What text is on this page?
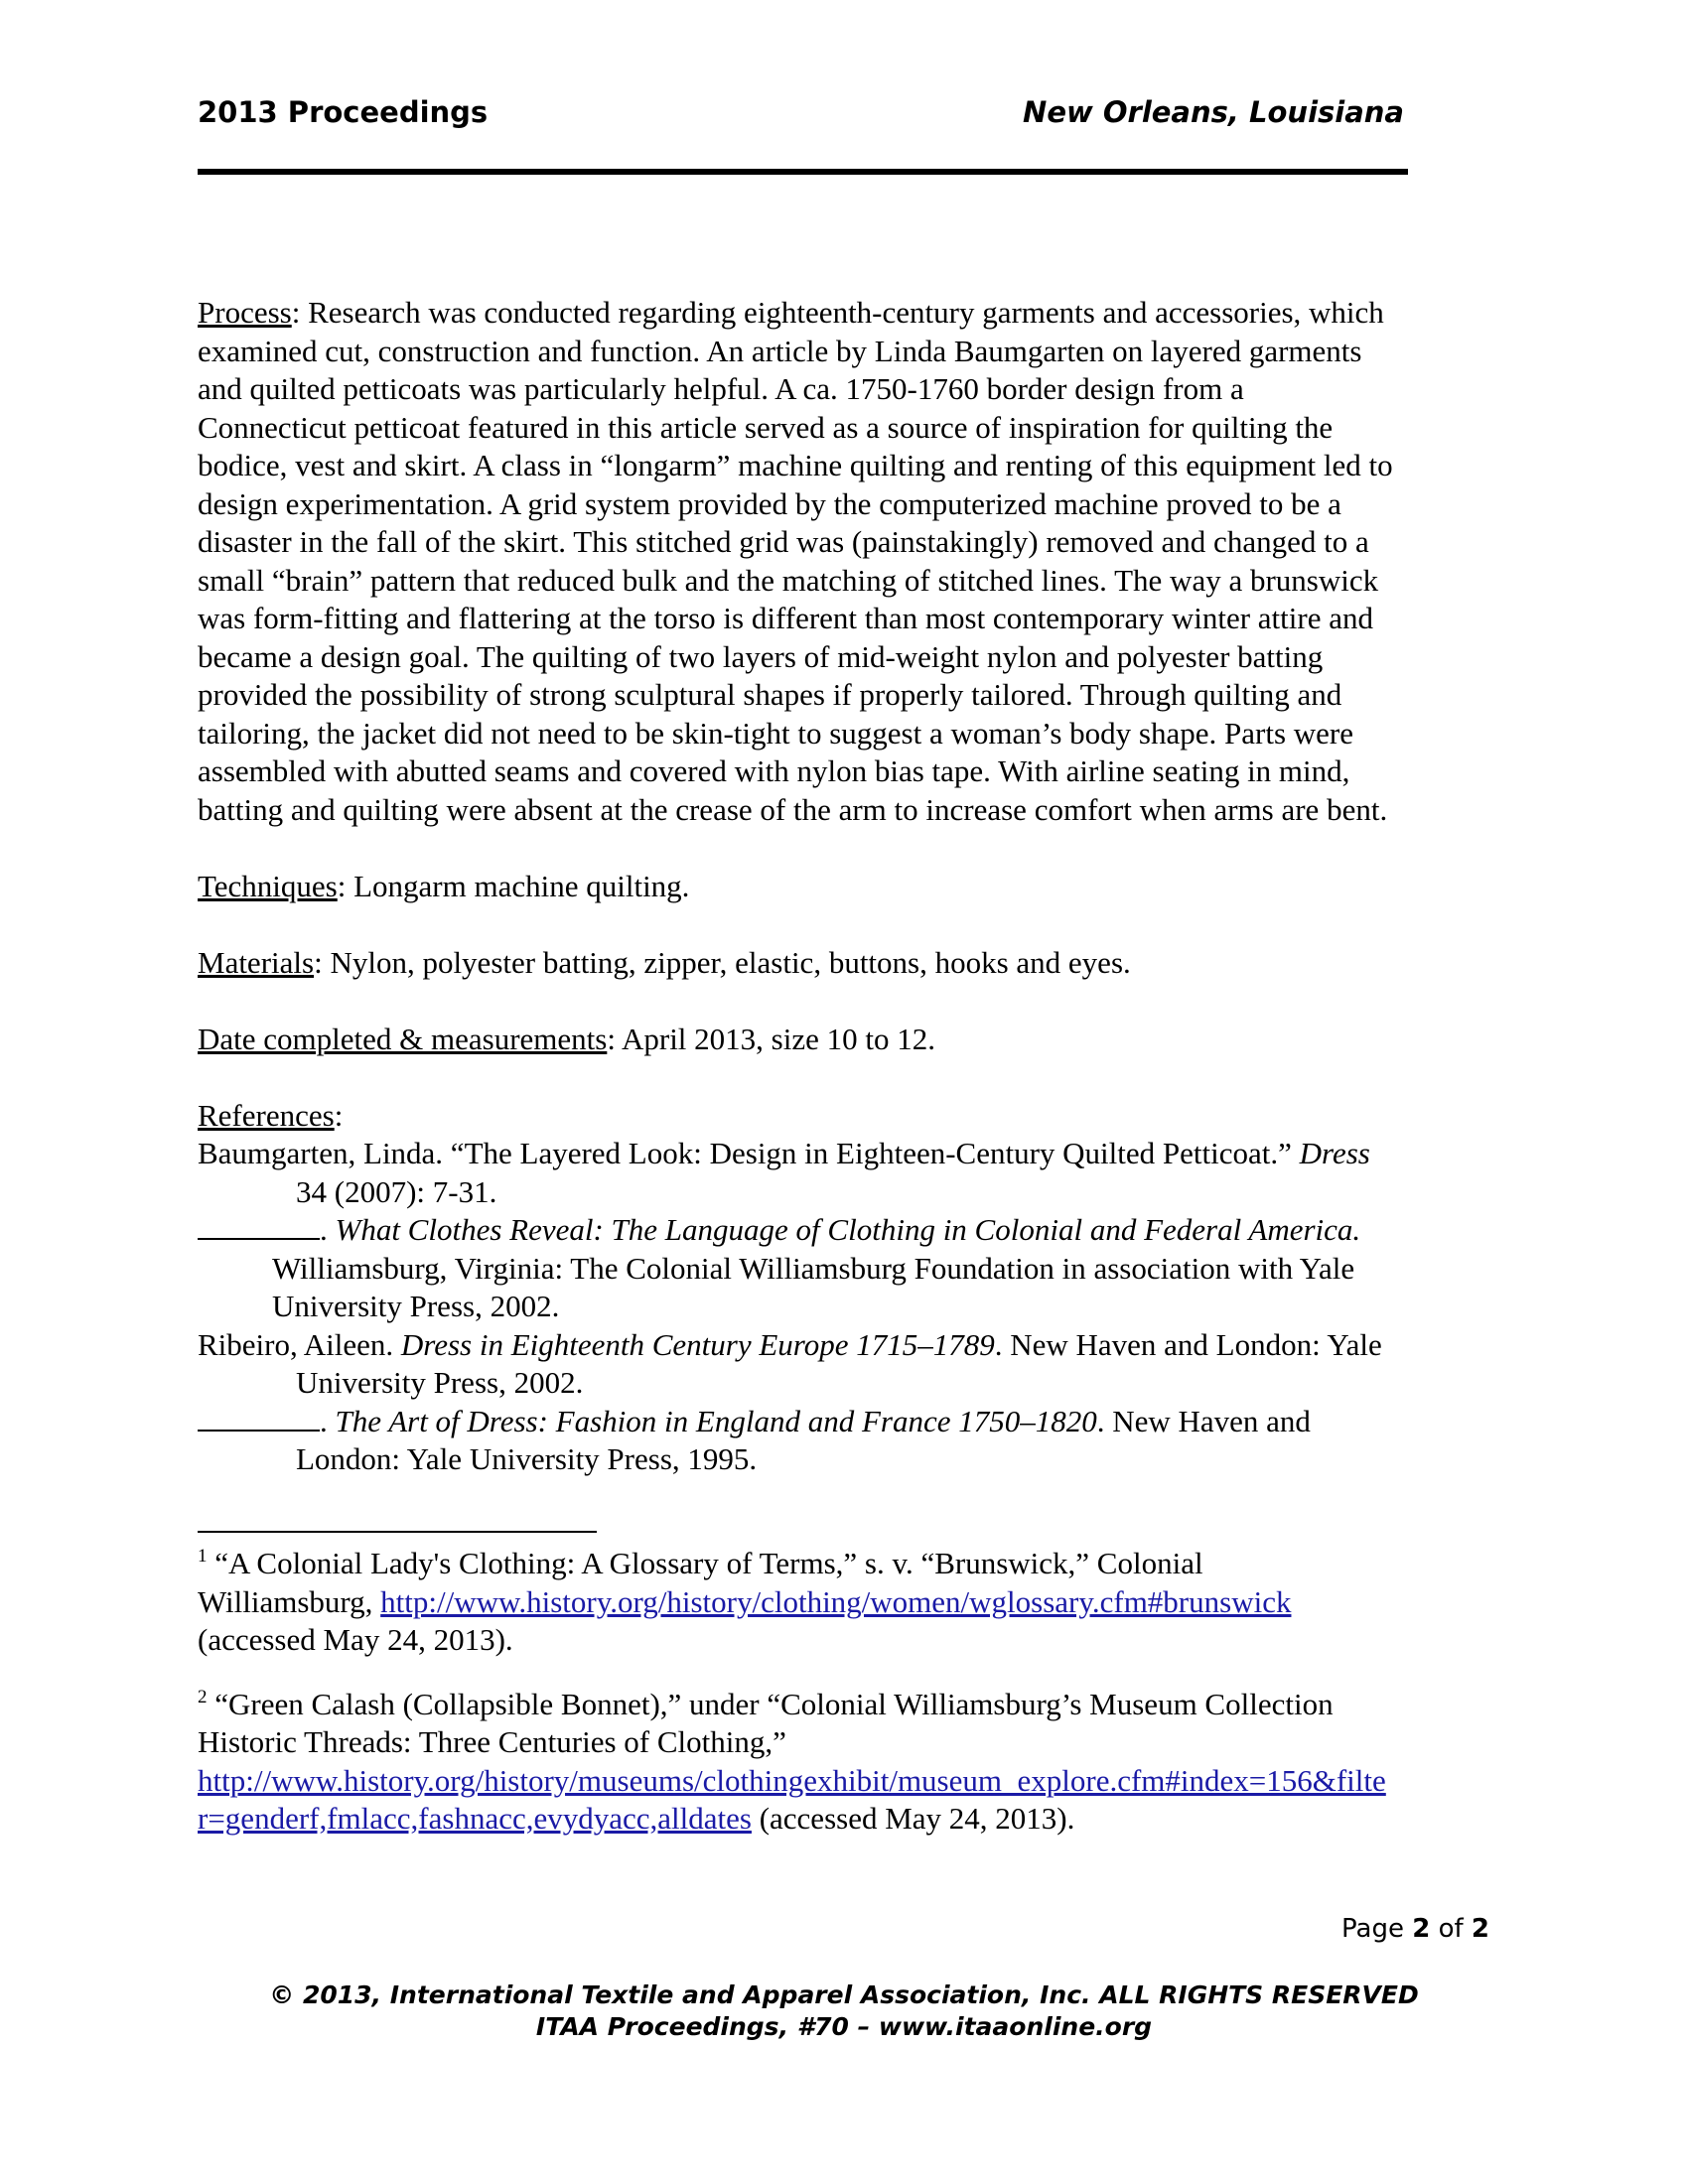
2013 Proceedings	New Orleans, Louisiana

Process: Research was conducted regarding eighteenth-century garments and accessories, which
examined cut, construction and function. An article by Linda Baumgarten on layered garments
and quilted petticoats was particularly helpful. A ca. 1750-1760 border design from a
Connecticut petticoat featured in this article served as a source of inspiration for quilting the
bodice, vest and skirt. A class in “longarm” machine quilting and renting of this equipment led to
design experimentation. A grid system provided by the computerized machine proved to be a
disaster in the fall of the skirt. This stitched grid was (painstakingly) removed and changed to a
small “brain” pattern that reduced bulk and the matching of stitched lines. The way a brunswick
was form-fitting and flattering at the torso is different than most contemporary winter attire and
became a design goal. The quilting of two layers of mid-weight nylon and polyester batting
provided the possibility of strong sculptural shapes if properly tailored. Through quilting and
tailoring, the jacket did not need to be skin-tight to suggest a woman’s body shape. Parts were
assembled with abutted seams and covered with nylon bias tape. With airline seating in mind,
batting and quilting were absent at the crease of the arm to increase comfort when arms are bent.

Techniques: Longarm machine quilting.

Materials: Nylon, polyester batting, zipper, elastic, buttons, hooks and eyes.

Date completed & measurements: April 2013, size 10 to 12.

References:

Baumgarten, Linda. “The Layered Look: Design in Eighteen-Century Quilted Petticoat.” Dress
34 (2007): 7-31.

. What Clothes Reveal: The Language of Clothing in Colonial and Federal America.
Williamsburg, Virginia: The Colonial Williamsburg Foundation in association with Yale
University Press, 2002.

Ribeiro, Aileen. Dress in Eighteenth Century Europe 1715–1789. New Haven and London: Yale
University Press, 2002.

. The Art of Dress: Fashion in England and France 1750–1820. New Haven and
London: Yale University Press, 1995.

$^1$ “A Colonial Lady's Clothing: A Glossary of Terms,” s. v. “Brunswick,” Colonial
Williamsburg, http://www.history.org/history/clothing/women/wglossary.cfm#brunswick
(accessed May 24, 2013).

$^2$ “Green Calash (Collapsible Bonnet),” under “Colonial Williamsburg’s Museum Collection
Historic Threads: Three Centuries of Clothing,”
http://www.history.org/history/museums/clothingexhibit/museum_explore.cfm#index=156&filte
r=genderf,fmlacc,fashnacc,evydyacc,alldates (accessed May 24, 2013).

Page 2 of 2
© 2013, International Textile and Apparel Association, Inc. ALL RIGHTS RESERVED
ITAA Proceedings, #70 – www.itaaonline.org
